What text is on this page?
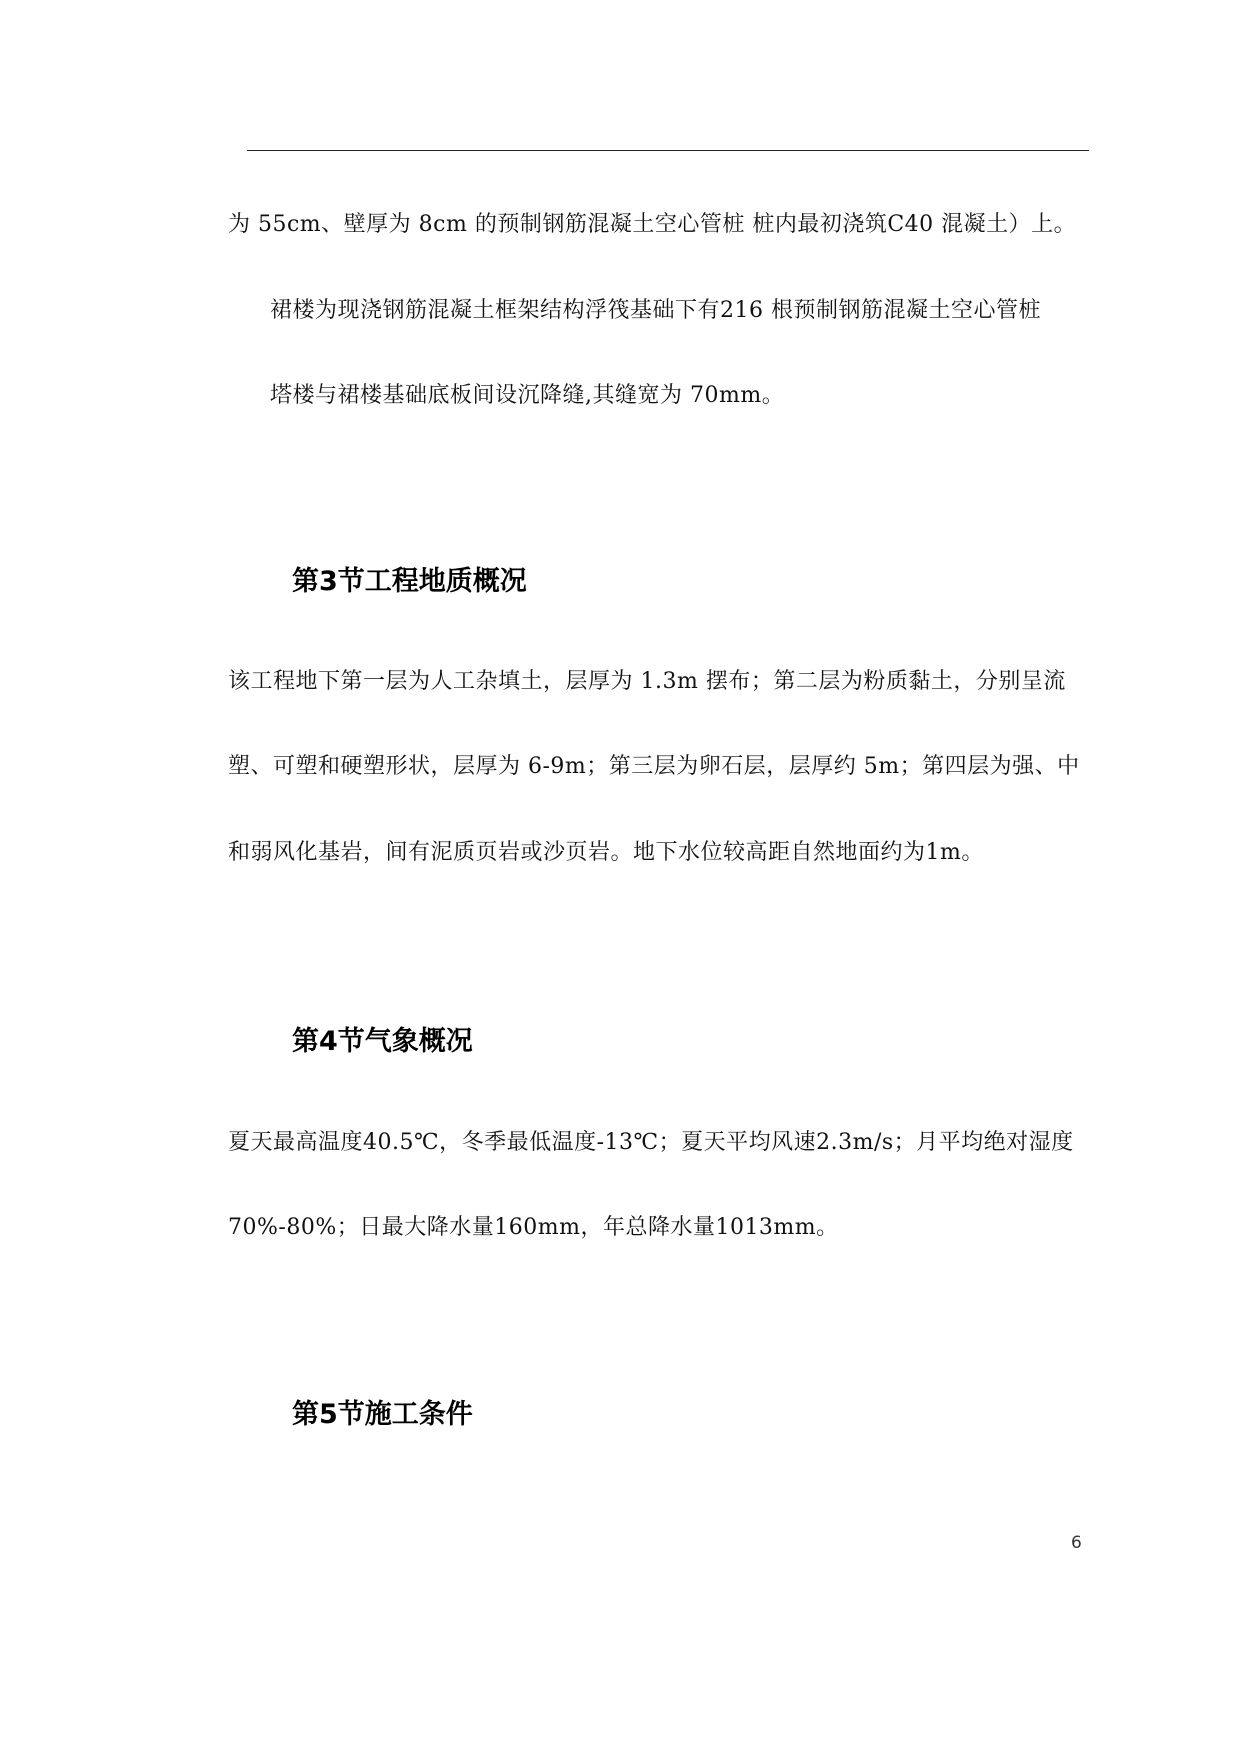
为 55cm、壁厚为 8cm 的预制钢筋混凝土空心管桩 桩内最初浇筑C40 混凝土）上。
裙楼为现浇钢筋混凝土框架结构浮筏基础下有216 根预制钢筋混凝土空心管桩
塔楼与裙楼基础底板间设沉降缝,其缝宽为 70mm。
第3节工程地质概况
该工程地下第一层为人工杂填土，层厚为 1.3m 摆布；第二层为粉质黏土，分别呈流
塑、可塑和硬塑形状，层厚为 6-9m；第三层为卵石层，层厚约 5m；第四层为强、中
和弱风化基岩，间有泥质页岩或沙页岩。地下水位较高距自然地面约为1m。
第4节气象概况
夏天最高温度40.5℃，冬季最低温度-13℃；夏天平均风速2.3m/s；月平均绝对湿度
70%-80%；日最大降水量160mm，年总降水量1013mm。
第5节施工条件
6
